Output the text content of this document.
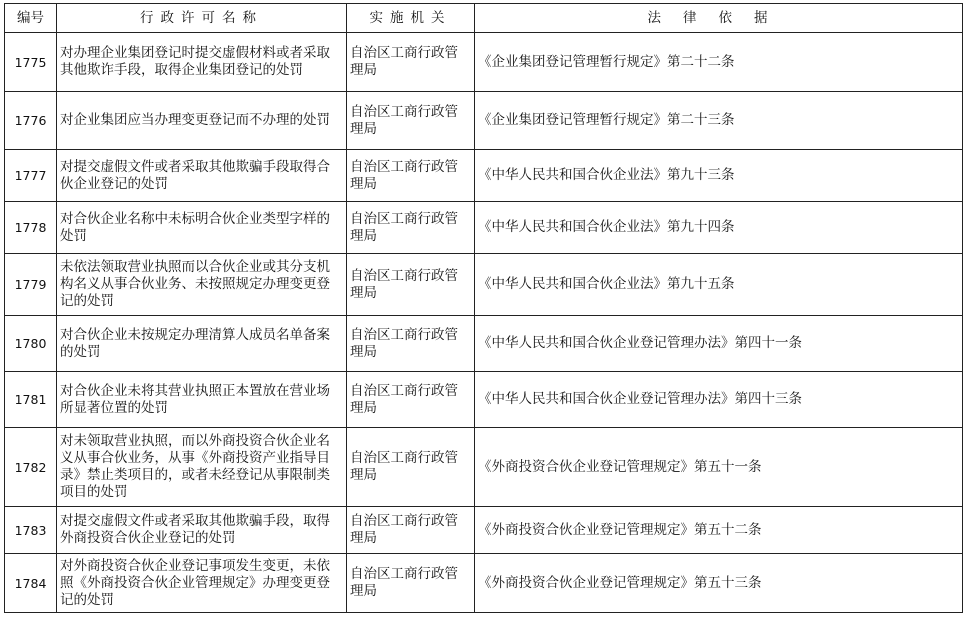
编号	行政许可名称	实施机关	法律依据
1775	对办理企业集团登记时提交虚假材料或者采取其他欺诈手段，取得企业集团登记的处罚	自治区工商行政管理局	《企业集团登记管理暂行规定》第二十二条
1776	对企业集团应当办理变更登记而不办理的处罚	自治区工商行政管理局	《企业集团登记管理暂行规定》第二十三条
1777	对提交虚假文件或者采取其他欺骗手段取得合伙企业登记的处罚	自治区工商行政管理局	《中华人民共和国合伙企业法》第九十三条
1778	对合伙企业名称中未标明合伙企业类型字样的处罚	自治区工商行政管理局	《中华人民共和国合伙企业法》第九十四条
1779	未依法领取营业执照而以合伙企业或其分支机构名义从事合伙业务、未按照规定办理变更登记的处罚	自治区工商行政管理局	《中华人民共和国合伙企业法》第九十五条
1780	对合伙企业未按规定办理清算人成员名单备案的处罚	自治区工商行政管理局	《中华人民共和国合伙企业登记管理办法》第四十一条
1781	对合伙企业未将其营业执照正本置放在营业场所显著位置的处罚	自治区工商行政管理局	《中华人民共和国合伙企业登记管理办法》第四十三条
1782	对未领取营业执照，而以外商投资合伙企业名义从事合伙业务，从事《外商投资产业指导目录》禁止类项目的，或者未经登记从事限制类项目的处罚	自治区工商行政管理局	《外商投资合伙企业登记管理规定》第五十一条
1783	对提交虚假文件或者采取其他欺骗手段，取得外商投资合伙企业登记的处罚	自治区工商行政管理局	《外商投资合伙企业登记管理规定》第五十二条
1784	对外商投资合伙企业登记事项发生变更，未依照《外商投资合伙企业管理规定》办理变更登记的处罚	自治区工商行政管理局	《外商投资合伙企业登记管理规定》第五十三条
